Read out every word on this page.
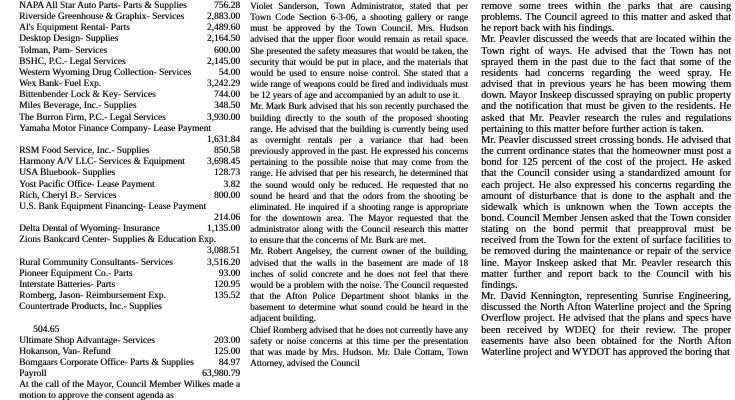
NAPA All Star Auto Parts- Parts & Supplies	756.28
Riverside Greenhouse & Graphix- Services 2,883.00
Al's Equipment Rental- Parts	2,489.60
Desktop Design- Supplies	2,164.50
Tolman, Pam- Services	600.00
BSHC, P.C.- Legal Services	2,145.00
Western Wyoming Drug Collection- Services	54.00
Wex Bank- Fuel Exp.	3,242.29
Bittenbender Lock & Key- Services	744.00
Miles Beverage, Inc.- Supplies	348.50
The Burron Firm, P.C.- Legal Services	3,930.00
Yamaha Motor Finance Company- Lease Payment
1,631.84
RSM Food Service, Inc.- Supplies	850.58
Harmony A/V LLC- Services & Equipment 3,698.45
USA Bluebook- Supplies	128.73
Yost Pacific Office- Lease Payment	3.82
Rich, Cheryl B.- Services	800.00
U.S. Bank Equipment Financing- Lease Payment
214.06
Delta Dental of Wyoming- Insurance	1,135.00
Zions Bankcard Center- Supplies & Education Exp.
3,088.51
Rural Community Consultants- Services	3,516.20
Pioneer Equipment Co.- Parts	93.00
Interstate Batteries- Parts	120.95
Romberg, Jason- Reimbursement Exp.	135.52
Countertrade Products, Inc.- Supplies
504.65
Ultimate Shop Advantage- Services	203.00
Hokanson, Van- Refund	125.00
Bomgaars Corporate Office- Parts & Supplies	84.97
Payroll	63,980.79

At the call of the Mayor, Council Member Wilkes made a motion to approve the consent agenda as

Violet Sanderson, Town Administrator, stated that per Town Code Section 6-3-06, a shooting gallery or range must be approved by the Town Council. Mrs. Hudson advised that the upper floor would remain as retail space. She presented the safety measures that would be taken, the security that would be put in place, and the materials that would be used to ensure noise control. She stated that a wide range of weapons could be fired and individuals must be 12 years of age and accompanied by an adult to use it.

Mr. Mark Burk advised that his son recently purchased the building directly to the south of the proposed shooting range. He advised that the building is currently being used as overnight rentals per a variance that had been previously approved in the past. He expressed his concerns pertaining to the possible noise that may come from the range. He advised that per his research, he determined that the sound would only be reduced. He requested that no sound be heard and that the odors from the shooting be eliminated. He inquired if a shooting range is appropriate for the downtown area. The Mayor requested that the administrator along with the Council research this matter to ensure that the concerns of Mr. Burk are met.

Mr. Robert Angelsey, the current owner of the building, advised that the walls in the basement are made of 18 inches of solid concrete and he does not feel that there would be a problem with the noise. The Council requested that the Afton Police Department shoot blanks in the basement to determine what sound could be heard in the adjacent building.

Chief Romberg advised that he does not currently have any safety or noise concerns at this time per the presentation that was made by Mrs. Hudson. Mr. Dale Cottam, Town Attorney, advised the Council

remove some trees within the parks that are causing problems. The Council agreed to this matter and asked that he report back with his findings.

Mr. Peavler discussed the weeds that are located within the Town right of ways. He advised that the Town has not sprayed them in the past due to the fact that some of the residents had concerns regarding the weed spray. He advised that in previous years he has been mowing them down. Mayor Inskeep discussed spraying on public property and the notification that must be given to the residents. He asked that Mr. Peavler research the rules and regulations pertaining to this matter before further action is taken.

Mr. Peavler discussed street crossing bonds. He advised that the current ordinance states that the homeowner must post a bond for 125 percent of the cost of the project. He asked that the Council consider using a standardized amount for each project. He also expressed his concerns regarding the amount of disturbance that is done to the asphalt and the sidewalk which is unknown when the Town accepts the bond. Council Member Jensen asked that the Town consider stating on the bond permit that preapproval must be received from the Town for the extent of surface facilities to be removed during the maintenance or repair of the service line. Mayor Inskeep asked that Mr. Peavler research this matter further and report back to the Council with his findings.

Mr. David Kennington, representing Sunrise Engineering, discussed the North Afton Waterline project and the Spring Overflow project. He advised that the plans and specs have been received by WDEQ for their review. The proper easements have also been obtained for the North Afton Waterline project and WYDOT has approved the boring that
